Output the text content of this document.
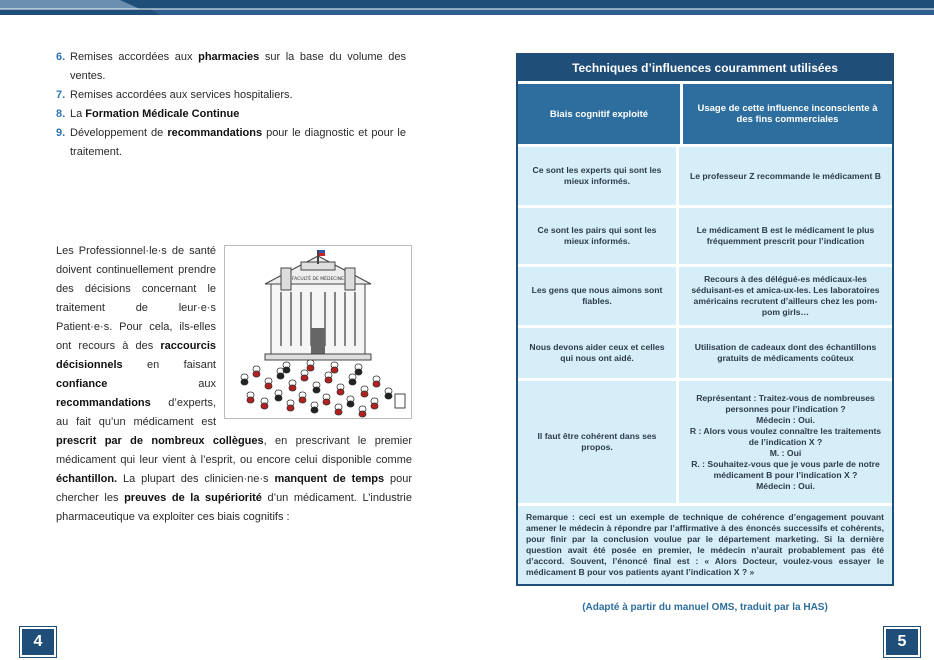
6. Remises accordées aux pharmacies sur la base du volume des ventes.
7. Remises accordées aux services hospitaliers.
8. La Formation Médicale Continue
9. Développement de recommandations pour le diagnostic et pour le traitement.
FACULTÉ DE MÉDECINE
Les Professionnel·le·s de santé doivent continuellement prendre des décisions concernant le traitement de leur·e·s Patient·e·s. Pour cela, ils-elles ont recours à des raccourcis décisionnels en faisant confiance aux recommandations d’experts, au fait qu’un médicament est prescrit par de nombreux collègues, en prescrivant le premier médicament qui leur vient à l’esprit, ou encore celui disponible comme échantillon. La plupart des clinicien·ne·s manquent de temps pour chercher les preuves de la supériorité d’un médicament. L’industrie pharmaceutique va exploiter ces biais cognitifs :
4
Techniques d’influences couramment utilisées
Biais cognitif exploité	Usage de cette influence inconsciente à des fins commerciales
Ce sont les experts qui sont les mieux informés.
Le professeur Z recommande le médicament B
Ce sont les pairs qui sont les mieux informés.
Le médicament B est le médicament le plus fréquemment prescrit pour l’indication
Les gens que nous aimons sont fiables.
Recours à des délégué-es médicaux-les séduisant-es et amica-ux-les. Les laboratoires américains recrutent d’ailleurs chez les pom-pom girls…
Nous devons aider ceux et celles qui nous ont aidé.
Utilisation de cadeaux dont des échantillons gratuits de médicaments coûteux
Il faut être cohérent dans ses propos.
Représentant : Traitez-vous de nombreuses personnes pour l’indication ?
Médecin : Oui.
R : Alors vous voulez connaître les traitements de l’indication X ?
M. : Oui
R. : Souhaitez-vous que je vous parle de notre médicament B pour l’indication X ?
Médecin : Oui.
Remarque : ceci est un exemple de technique de cohérence d’engagement pouvant amener le médecin à répondre par l’affirmative à des énoncés successifs et cohérents, pour finir par la conclusion voulue par le département marketing. Si la dernière question avait été posée en premier, le médecin n’aurait probablement pas été d’accord. Souvent, l’énoncé final est : « Alors Docteur, voulez-vous essayer le médicament B pour vos patients ayant l’indication X ? »
(Adapté à partir du manuel OMS, traduit par la HAS)
5
